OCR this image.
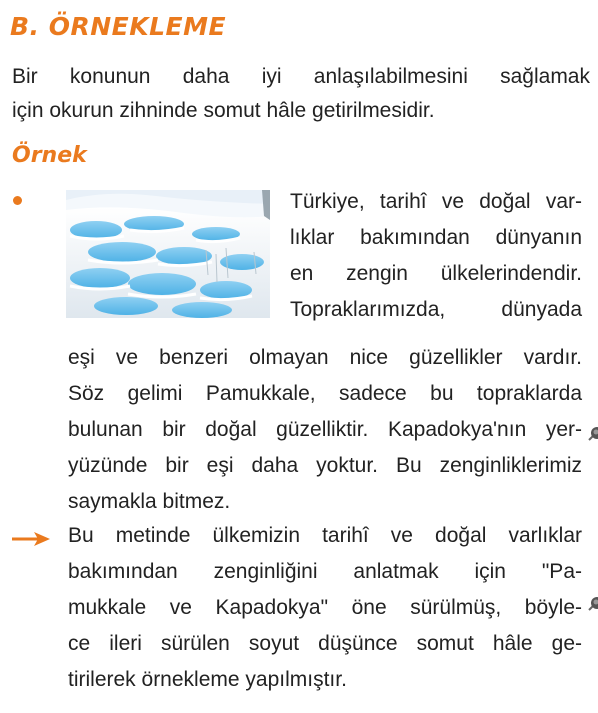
B. ÖRNEKLEME
Bir konunun daha iyi anlaşılabilmesini sağlamak
için okurun zihninde somut hâle getirilmesidir.
Örnek
Türkiye, tarihî ve doğal var-
lıklar bakımından dünyanın
en zengin ülkelerindendir.
Topraklarımızda, dünyada
eşi ve benzeri olmayan nice güzellikler vardır.
Söz gelimi Pamukkale, sadece bu topraklarda
bulunan bir doğal güzelliktir. Kapadokya'nın yer-
yüzünde bir eşi daha yoktur. Bu zenginliklerimiz
saymakla bitmez.
Bu metinde ülkemizin tarihî ve doğal varlıklar
bakımından zenginliğini anlatmak için "Pa-
mukkale ve Kapadokya" öne sürülmüş, böyle-
ce ileri sürülen soyut düşünce somut hâle ge-
tirilerek örnekleme yapılmıştır.
